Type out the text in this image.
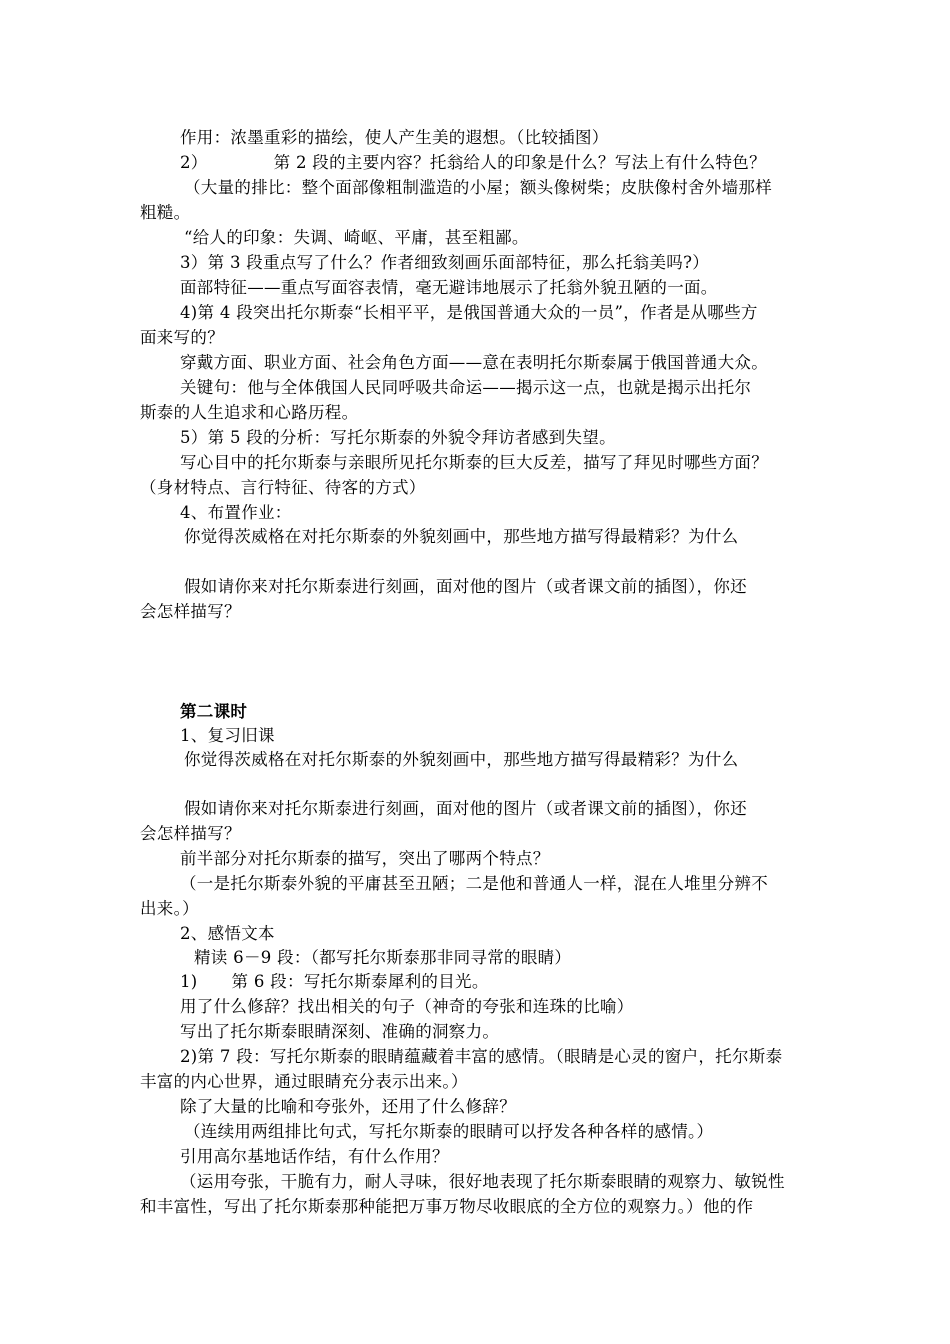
作用：浓墨重彩的描绘，使人产生美的遐想。（比较插图）
2）	第 2 段的主要内容？托翁给人的印象是什么？写法上有什么特色？
（大量的排比：整个面部像粗制滥造的小屋；额头像树柴；皮肤像村舍外墙那样
粗糙。
“给人的印象：失调、崎岖、平庸，甚至粗鄙。
3）第 3 段重点写了什么？作者细致刻画乐面部特征，那么托翁美吗?）
面部特征——重点写面容表情，毫无避讳地展示了托翁外貌丑陋的一面。
4)第 4 段突出托尔斯泰“长相平平，是俄国普通大众的一员”，作者是从哪些方
面来写的？
穿戴方面、职业方面、社会角色方面——意在表明托尔斯泰属于俄国普通大众。
关键句：他与全体俄国人民同呼吸共命运——揭示这一点，也就是揭示出托尔
斯泰的人生追求和心路历程。
5）第 5 段的分析：写托尔斯泰的外貌令拜访者感到失望。
写心目中的托尔斯泰与亲眼所见托尔斯泰的巨大反差，描写了拜见时哪些方面？
（身材特点、言行特征、待客的方式）
4、布置作业：
你觉得茨威格在对托尔斯泰的外貌刻画中，那些地方描写得最精彩？为什么
假如请你来对托尔斯泰进行刻画，面对他的图片（或者课文前的插图），你还
会怎样描写？
第二课时
1、复习旧课
你觉得茨威格在对托尔斯泰的外貌刻画中，那些地方描写得最精彩？为什么
假如请你来对托尔斯泰进行刻画，面对他的图片（或者课文前的插图），你还
会怎样描写？
前半部分对托尔斯泰的描写，突出了哪两个特点？
（一是托尔斯泰外貌的平庸甚至丑陋；二是他和普通人一样，混在人堆里分辨不
出来。）
2、感悟文本
精读 6－9 段：（都写托尔斯泰那非同寻常的眼睛）
1) 第 6 段：写托尔斯泰犀利的目光。
用了什么修辞？找出相关的句子（神奇的夸张和连珠的比喻）
写出了托尔斯泰眼睛深刻、准确的洞察力。
2)第 7 段：写托尔斯泰的眼睛蕴藏着丰富的感情。（眼睛是心灵的窗户，托尔斯泰
丰富的内心世界，通过眼睛充分表示出来。）
除了大量的比喻和夸张外，还用了什么修辞？
（连续用两组排比句式，写托尔斯泰的眼睛可以抒发各种各样的感情。）
引用高尔基地话作结，有什么作用？
（运用夸张，干脆有力，耐人寻味，很好地表现了托尔斯泰眼睛的观察力、敏锐性
和丰富性，写出了托尔斯泰那种能把万事万物尽收眼底的全方位的观察力。）他的作
